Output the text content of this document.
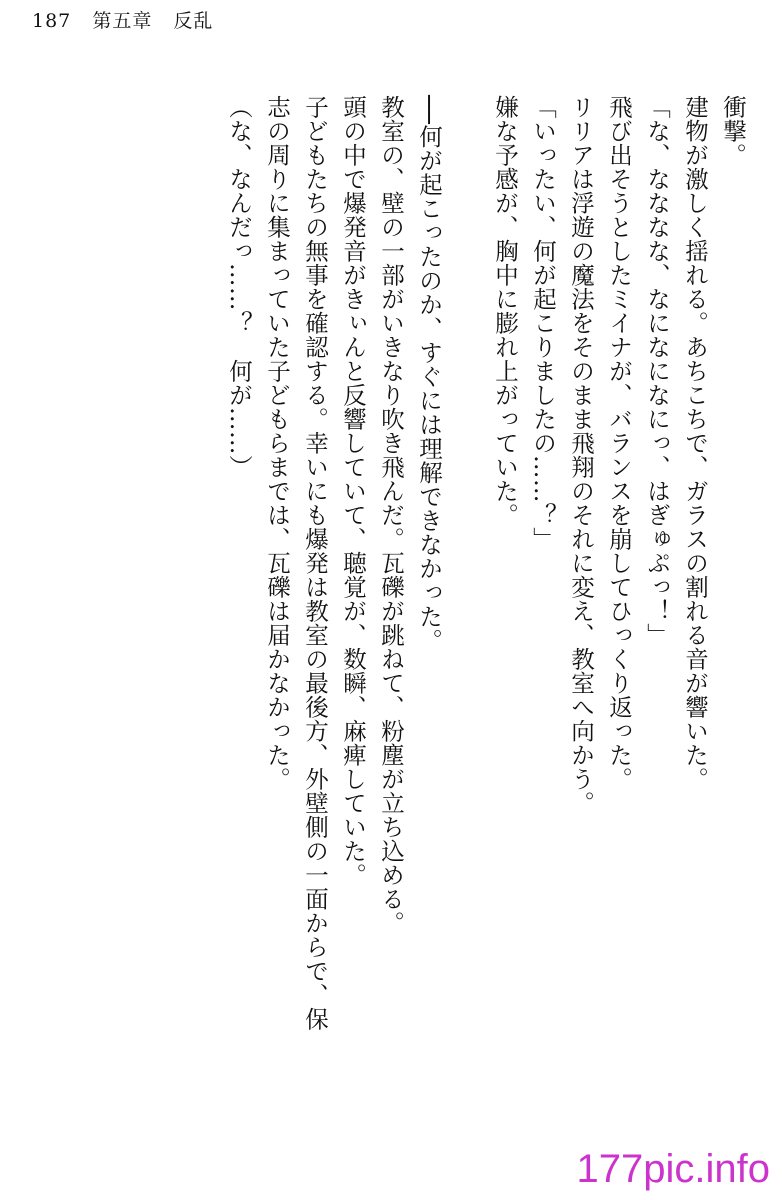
187 第五章 反乱
衝撃。
建物が激しく揺れる。あちこちで、ガラスの割れる音が響いた。
「な、なななな、なになになにっ、はぎゅぷっ！」
飛び出そうとしたミイナが、バランスを崩してひっくり返った。
リリアは浮遊の魔法をそのまま飛翔のそれに変え、教室へ向かう。
「いったい、何が起こりましたの……？」
嫌な予感が、胸中に膨れ上がっていた。
──何が起こったのか、すぐには理解できなかった。
教室の、壁の一部がいきなり吹き飛んだ。瓦礫が跳ねて、粉塵が立ち込める。
頭の中で爆発音がきぃんと反響していて、聴覚が、数瞬、麻痺していた。
子どもたちの無事を確認する。幸いにも爆発は教室の最後方、外壁側の一面からで、保
志の周りに集まっていた子どもらまでは、瓦礫は届かなかった。
（な、なんだっ……？　何が……）
177pic.info
